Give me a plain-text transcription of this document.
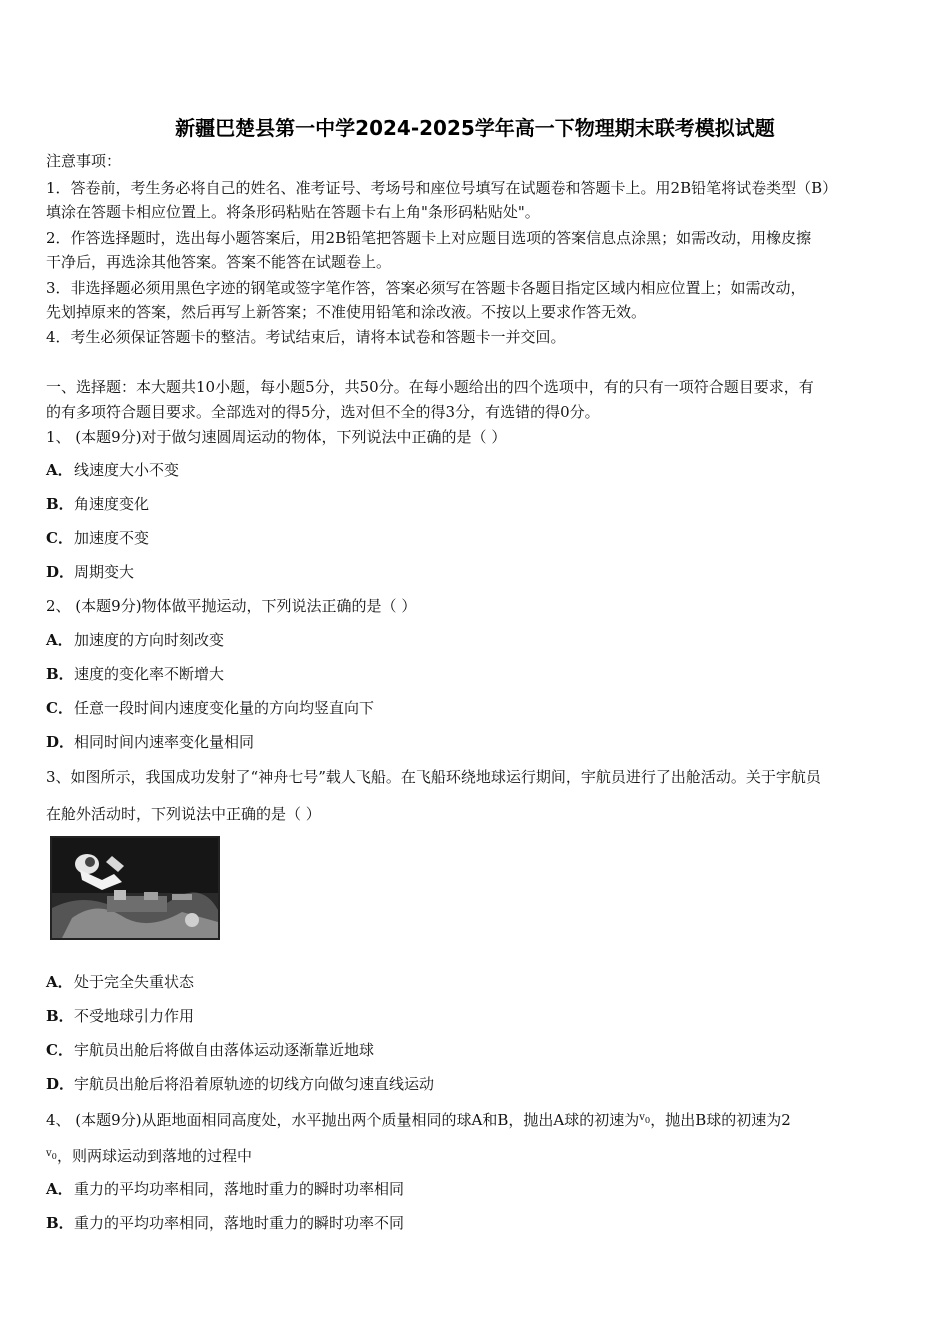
新疆巴楚县第一中学2024-2025学年高一下物理期末联考模拟试题
注意事项：
1．答卷前，考生务必将自己的姓名、准考证号、考场号和座位号填写在试题卷和答题卡上。用2B铅笔将试卷类型（B）
填涂在答题卡相应位置上。将条形码粘贴在答题卡右上角"条形码粘贴处"。
2．作答选择题时，选出每小题答案后，用2B铅笔把答题卡上对应题目选项的答案信息点涂黑；如需改动，用橡皮擦
干净后，再选涂其他答案。答案不能答在试题卷上。
3．非选择题必须用黑色字迹的钢笔或签字笔作答，答案必须写在答题卡各题目指定区域内相应位置上；如需改动，
先划掉原来的答案，然后再写上新答案；不准使用铅笔和涂改液。不按以上要求作答无效。
4．考生必须保证答题卡的整洁。考试结束后，请将本试卷和答题卡一并交回。
一、选择题：本大题共10小题，每小题5分，共50分。在每小题给出的四个选项中，有的只有一项符合题目要求，有
的有多项符合题目要求。全部选对的得5分，选对但不全的得3分，有选错的得0分。
1、 (本题9分)对于做匀速圆周运动的物体，下列说法中正确的是（ ）
A．线速度大小不变
B．角速度变化
C．加速度不变
D．周期变大
2、 (本题9分)物体做平抛运动，下列说法正确的是（ ）
A．加速度的方向时刻改变
B．速度的变化率不断增大
C．任意一段时间内速度变化量的方向均竖直向下
D．相同时间内速率变化量相同
3、如图所示，我国成功发射了“神舟七号”载人飞船。在飞船环绕地球运行期间，宇航员进行了出舱活动。关于宇航员
在舱外活动时，下列说法中正确的是（ ）
A．处于完全失重状态
B．不受地球引力作用
C．宇航员出舱后将做自由落体运动逐渐靠近地球
D．宇航员出舱后将沿着原轨迹的切线方向做匀速直线运动
4、 (本题9分)从距地面相同高度处，水平抛出两个质量相同的球A和B，抛出A球的初速为$^{v_0}$，抛出B球的初速为2
$^{v_0}$，则两球运动到落地的过程中
A．重力的平均功率相同，落地时重力的瞬时功率相同
B．重力的平均功率相同，落地时重力的瞬时功率不同
